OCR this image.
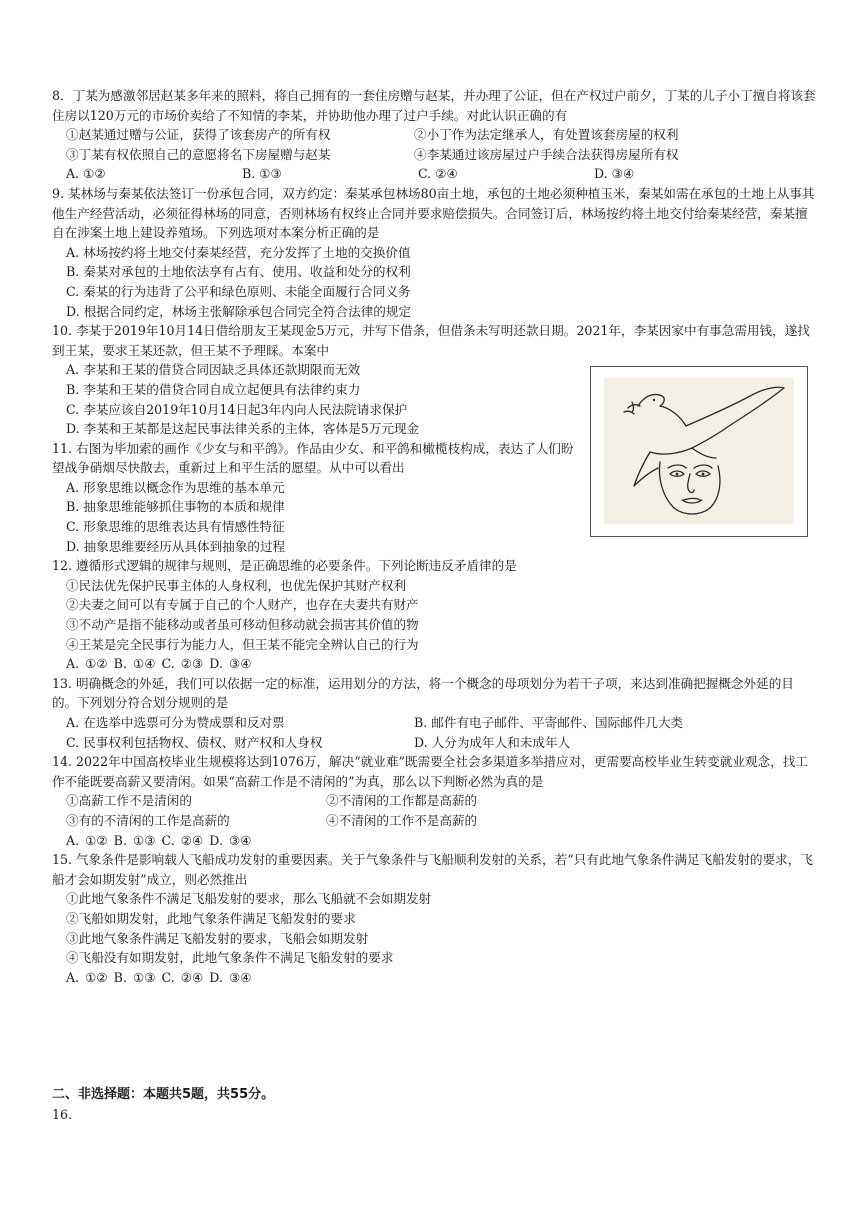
8．丁某为感激邻居赵某多年来的照料，将自己拥有的一套住房赠与赵某，并办理了公证，但在产权过户前夕，丁某的儿子小丁擅自将该套住房以120万元的市场价卖给了不知情的李某，并协助他办理了过户手续。对此认识正确的有

①赵某通过赠与公证，获得了该套房产的所有权	②小丁作为法定继承人，有处置该套房屋的权利
③丁某有权依照自己的意愿将名下房屋赠与赵某	④李某通过该房屋过户手续合法获得房屋所有权
A. ①②	B. ①③	C. ②④	D. ③④

9. 某林场与秦某依法签订一份承包合同，双方约定：秦某承包林场80亩土地，承包的土地必须种植玉米，秦某如需在承包的土地上从事其他生产经营活动，必须征得林场的同意，否则林场有权终止合同并要求赔偿损失。合同签订后，林场按约将土地交付给秦某经营，秦某擅自在涉案土地上建设养殖场。下列选项对本案分析正确的是

A. 林场按约将土地交付秦某经营，充分发挥了土地的交换价值
B. 秦某对承包的土地依法享有占有、使用、收益和处分的权利
C. 秦某的行为违背了公平和绿色原则、未能全面履行合同义务
D. 根据合同约定，林场主张解除承包合同完全符合法律的规定

10. 李某于2019年10月14日借给朋友王某现金5万元，并写下借条，但借条未写明还款日期。2021年，李某因家中有事急需用钱，遂找到王某，要求王某还款，但王某不予理睬。本案中

A. 李某和王某的借贷合同因缺乏具体还款期限而无效
B. 李某和王某的借贷合同自成立起便具有法律约束力
C. 李某应该自2019年10月14日起3年内向人民法院请求保护
D. 李某和王某都是这起民事法律关系的主体，客体是5万元现金

11. 右图为毕加索的画作《少女与和平鸽》。作品由少女、和平鸽和橄榄枝构成，表达了人们盼望战争硝烟尽快散去，重新过上和平生活的愿望。从中可以看出

A. 形象思维以概念作为思维的基本单元
B. 抽象思维能够抓住事物的本质和规律
C. 形象思维的思维表达具有情感性特征
D. 抽象思维要经历从具体到抽象的过程

12. 遵循形式逻辑的规律与规则，是正确思维的必要条件。下列论断违反矛盾律的是

①民法优先保护民事主体的人身权利，也优先保护其财产权利
②夫妻之间可以有专属于自己的个人财产，也存在夫妻共有财产
③不动产是指不能移动或者虽可移动但移动就会损害其价值的物
④王某是完全民事行为能力人，但王某不能完全辨认自己的行为
A. ①② B. ①④ C. ②③ D. ③④

13. 明确概念的外延，我们可以依据一定的标准，运用划分的方法，将一个概念的母项划分为若干子项，来达到准确把握概念外延的目的。下列划分符合划分规则的是

A. 在选举中选票可分为赞成票和反对票	B. 邮件有电子邮件、平寄邮件、国际邮件几大类
C. 民事权利包括物权、债权、财产权和人身权	D. 人分为成年人和未成年人

14. 2022年中国高校毕业生规模将达到1076万，解决“就业难”既需要全社会多渠道多举措应对，更需要高校毕业生转变就业观念，找工作不能既要高薪又要清闲。如果“高薪工作是不清闲的”为真，那么以下判断必然为真的是

①高薪工作不是清闲的	②不清闲的工作都是高薪的
③有的不清闲的工作是高薪的	④不清闲的工作不是高薪的
A. ①② B. ①③ C. ②④ D. ③④

15. 气象条件是影响载人飞船成功发射的重要因素。关于气象条件与飞船顺利发射的关系，若“只有此地气象条件满足飞船发射的要求，飞船才会如期发射”成立，则必然推出

①此地气象条件不满足飞船发射的要求，那么飞船就不会如期发射
②飞船如期发射，此地气象条件满足飞船发射的要求
③此地气象条件满足飞船发射的要求，飞船会如期发射
④飞船没有如期发射，此地气象条件不满足飞船发射的要求
A. ①② B. ①③ C. ②④ D. ③④
二、非选择题：本题共5题，共55分。
16.
